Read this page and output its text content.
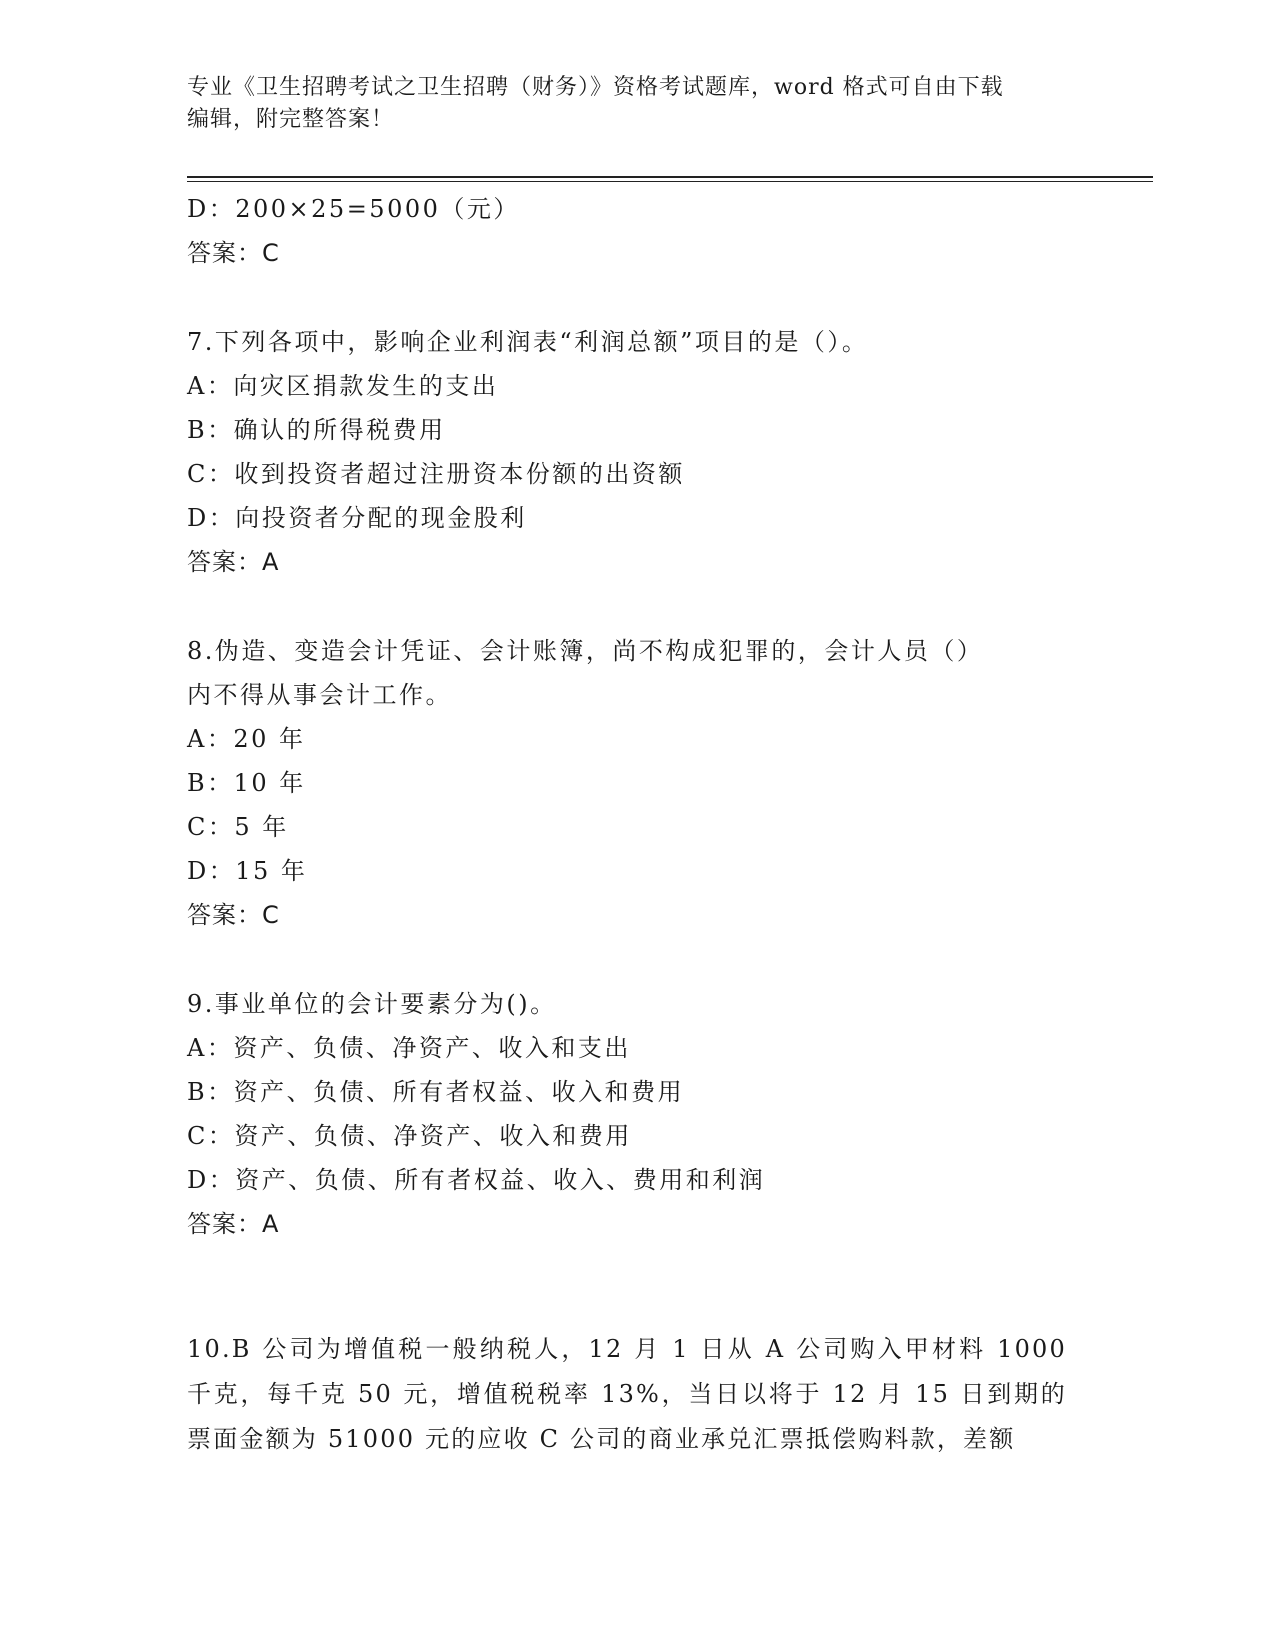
专业《卫生招聘考试之卫生招聘（财务）》资格考试题库，word 格式可自由下载
编辑，附完整答案！
D：200×25=5000（元）
答案：C
7.下列各项中，影响企业利润表“利润总额”项目的是（）。
A：向灾区捐款发生的支出
B：确认的所得税费用
C：收到投资者超过注册资本份额的出资额
D：向投资者分配的现金股利
答案：A
8.伪造、变造会计凭证、会计账簿，尚不构成犯罪的，会计人员（）
内不得从事会计工作。
A：20 年
B：10 年
C：5 年
D：15 年
答案：C
9.事业单位的会计要素分为()。
A：资产、负债、净资产、收入和支出
B：资产、负债、所有者权益、收入和费用
C：资产、负债、净资产、收入和费用
D：资产、负债、所有者权益、收入、费用和利润
答案：A
10.B 公司为增值税一般纳税人，12 月 1 日从 A 公司购入甲材料 1000 千克，每千克 50 元，增值税税率 13%，当日以将于 12 月 15 日到期的票面金额为 51000 元的应收 C 公司的商业承兑汇票抵偿购料款，差额
